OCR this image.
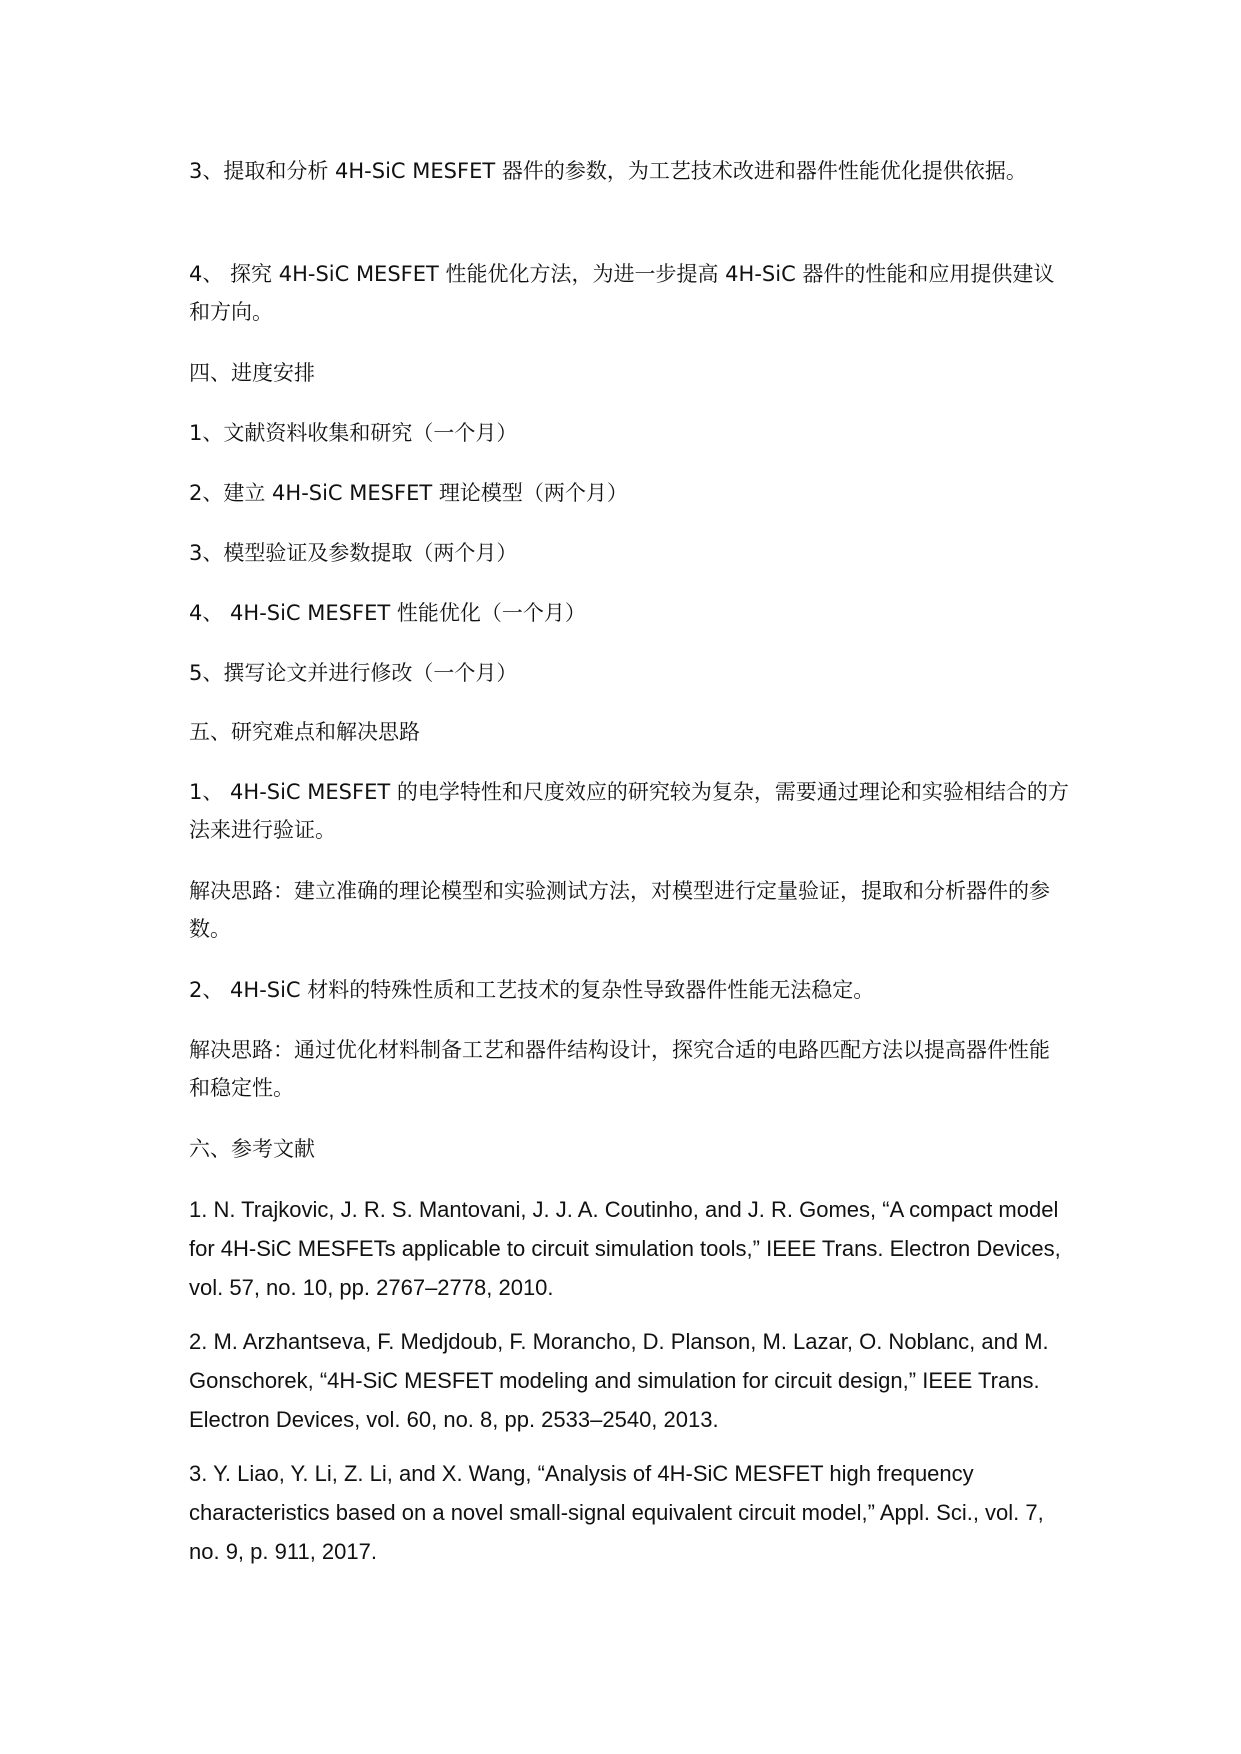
3、提取和分析 4H-SiC MESFET 器件的参数，为工艺技术改进和器件性能优化提供依据。

4、 探究 4H-SiC MESFET 性能优化方法，为进一步提高 4H-SiC 器件的性能和应用提供建议和方向。

四、进度安排

1、文献资料收集和研究（一个月）

2、建立 4H-SiC MESFET 理论模型（两个月）

3、模型验证及参数提取（两个月）

4、 4H-SiC MESFET 性能优化（一个月）

5、撰写论文并进行修改（一个月）

五、研究难点和解决思路

1、 4H-SiC MESFET 的电学特性和尺度效应的研究较为复杂，需要通过理论和实验相结合的方法来进行验证。

解决思路：建立准确的理论模型和实验测试方法，对模型进行定量验证，提取和分析器件的参数。

2、 4H-SiC 材料的特殊性质和工艺技术的复杂性导致器件性能无法稳定。

解决思路：通过优化材料制备工艺和器件结构设计，探究合适的电路匹配方法以提高器件性能和稳定性。

六、参考文献

1. N. Trajkovic, J. R. S. Mantovani, J. J. A. Coutinho, and J. R. Gomes, “A compact model for 4H-SiC MESFETs applicable to circuit simulation tools,” IEEE Trans. Electron Devices, vol. 57, no. 10, pp. 2767–2778, 2010.

2. M. Arzhantseva, F. Medjdoub, F. Morancho, D. Planson, M. Lazar, O. Noblanc, and M. Gonschorek, “4H-SiC MESFET modeling and simulation for circuit design,” IEEE Trans. Electron Devices, vol. 60, no. 8, pp. 2533–2540, 2013.

3. Y. Liao, Y. Li, Z. Li, and X. Wang, “Analysis of 4H-SiC MESFET high frequency characteristics based on a novel small-signal equivalent circuit model,” Appl. Sci., vol. 7, no. 9, p. 911, 2017.
